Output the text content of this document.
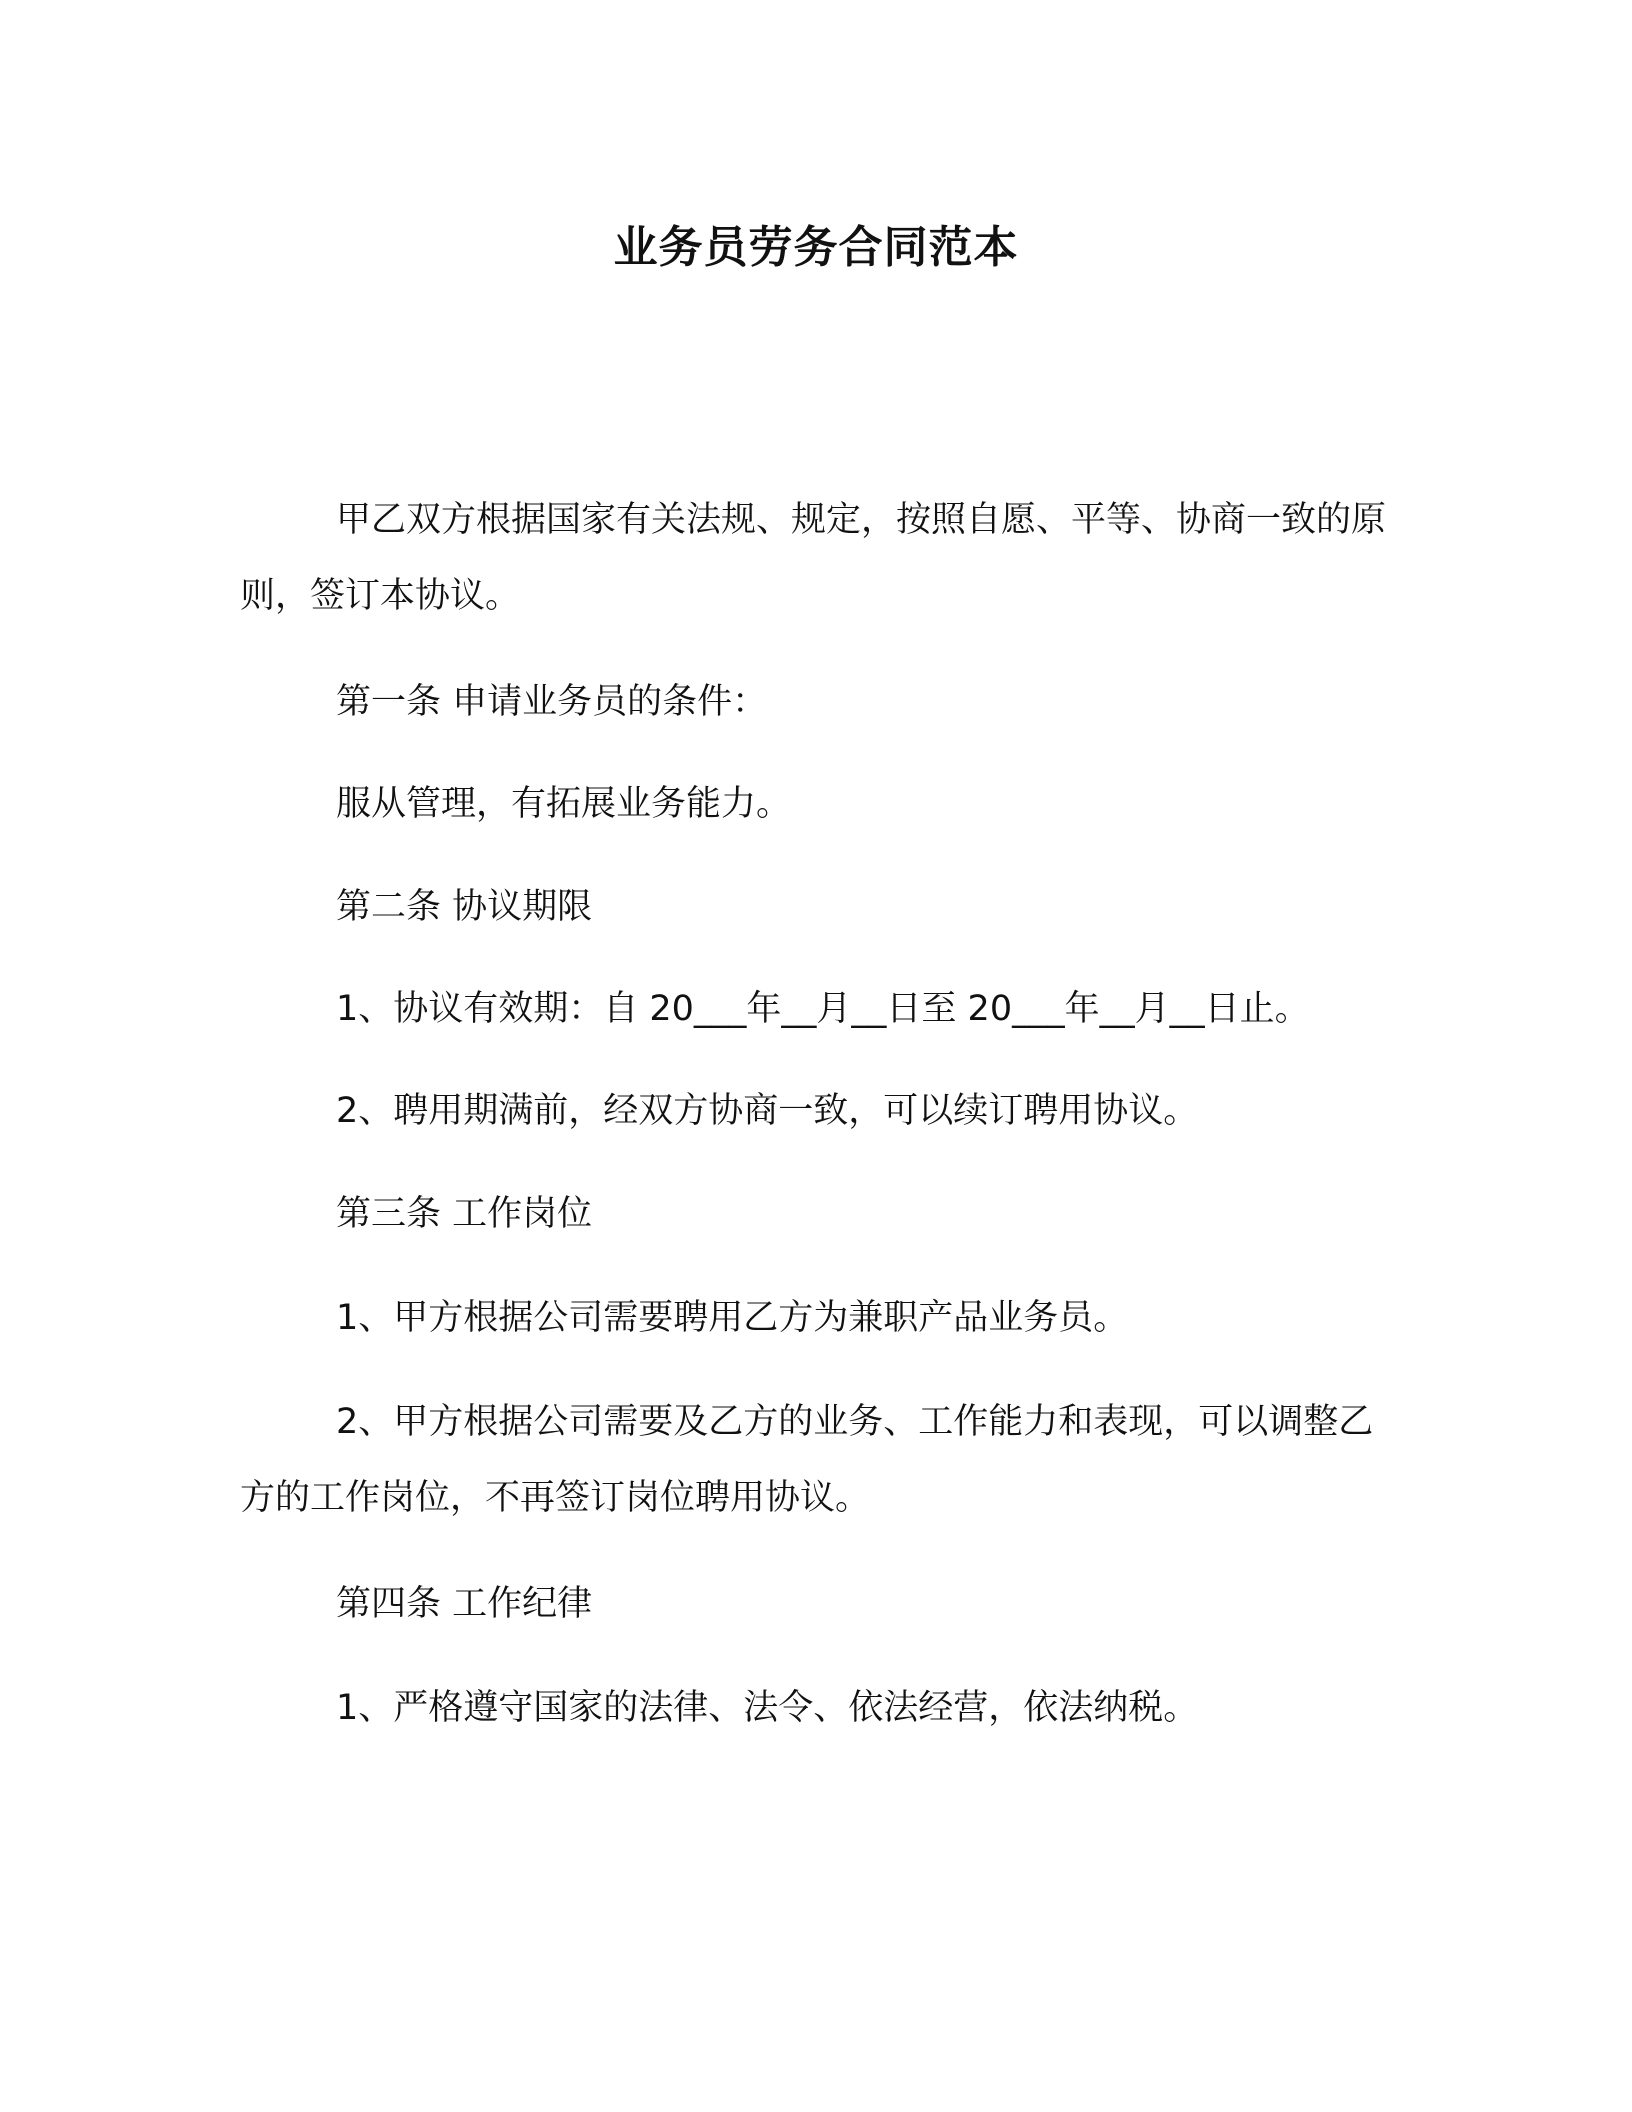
业务员劳务合同范本

甲乙双方根据国家有关法规、规定，按照自愿、平等、协商一致的原则，签订本协议。

第一条 申请业务员的条件：

服从管理，有拓展业务能力。

第二条 协议期限

1、协议有效期：自 20___年__月__日至 20___年__月__日止。

2、聘用期满前，经双方协商一致，可以续订聘用协议。

第三条 工作岗位

1、甲方根据公司需要聘用乙方为兼职产品业务员。

2、甲方根据公司需要及乙方的业务、工作能力和表现，可以调整乙方的工作岗位，不再签订岗位聘用协议。

第四条 工作纪律

1、严格遵守国家的法律、法令、依法经营，依法纳税。
